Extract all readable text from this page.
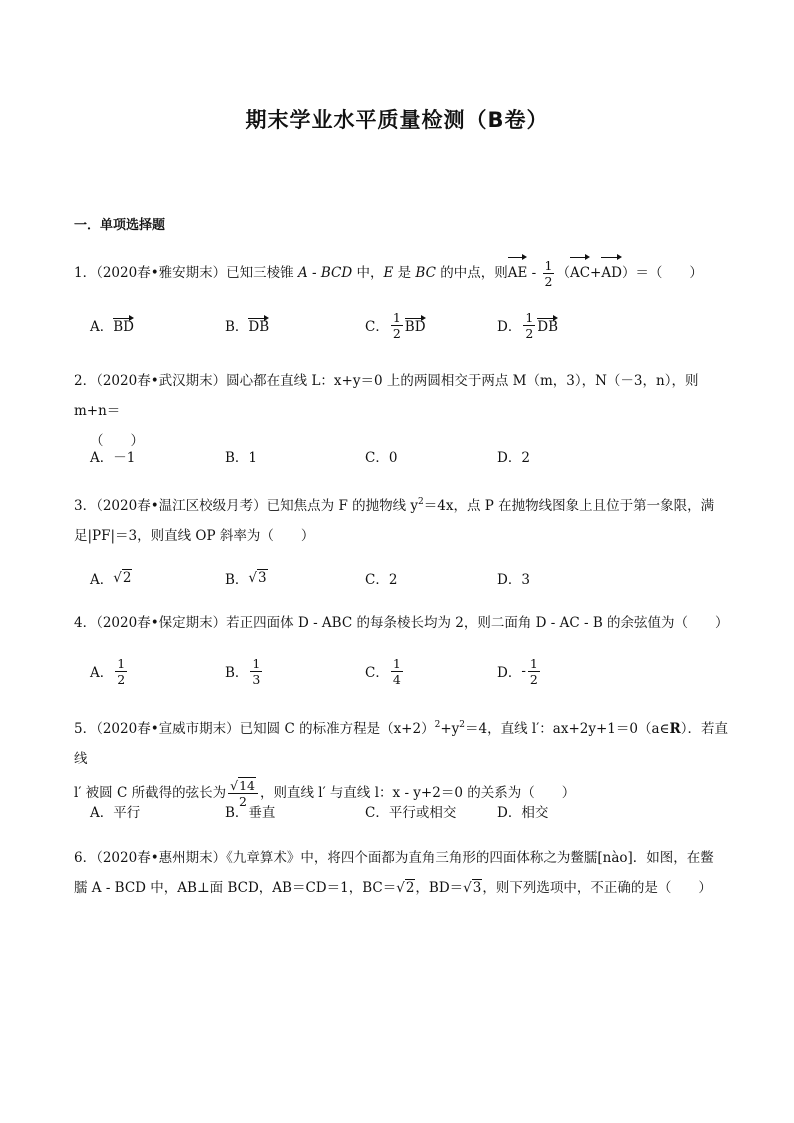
期末学业水平质量检测（B卷）
一．单项选择题
1．（2020春•雅安期末）已知三棱锥 A - BCD 中，E 是 BC 的中点，则AE - $\frac{1}{2} (AC+AD)=$（　　）
A． BD	B． DB	C． $\frac{1}{2}$ BD	D． $\frac{1}{2}$ DB
2．（2020春•武汉期末）圆心都在直线 L：x+y＝0 上的两圆相交于两点 M（m，3），N（－3，n），则 m+n＝
（　　）
A．－1	B．1	C．0	D．2
3．（2020春•温江区校级月考）已知焦点为 F 的抛物线 $y^2=4x$，点 P 在抛物线图象上且位于第一象限，满
足|PF|＝3，则直线 OP 斜率为（　　）
A． √2	B． √3	C．2	D．3
4．（2020春•保定期末）若正四面体 D - ABC 的每条棱长均为 2，则二面角 D - AC - B 的余弦值为（　　）
A． $\frac{1}{2}$	B． $\frac{1}{3}$	C． $\frac{1}{4}$	D． - $\frac{1}{2}$
5．（2020春•宣威市期末）已知圆 C 的标准方程是$(x+2)^2+y^2=4$，直线 l′：ax+2y+1＝0（a∈R）．若直线
l′ 被圆 C 所截得的弦长为 $\frac{√14}{2}$ ，则直线 l′ 与直线 l：x - y+2＝0 的关系为（　　）
A．平行	B．垂直	C．平行或相交	D．相交
6．（2020春•惠州期末）《九章算术》中，将四个面都为直角三角形的四面体称之为鳖臑[nào]．如图，在鳖
臑 A - BCD 中，AB⊥面 BCD，AB＝CD＝1，BC＝√2，BD＝√3，则下列选项中，不正确的是（　　）
